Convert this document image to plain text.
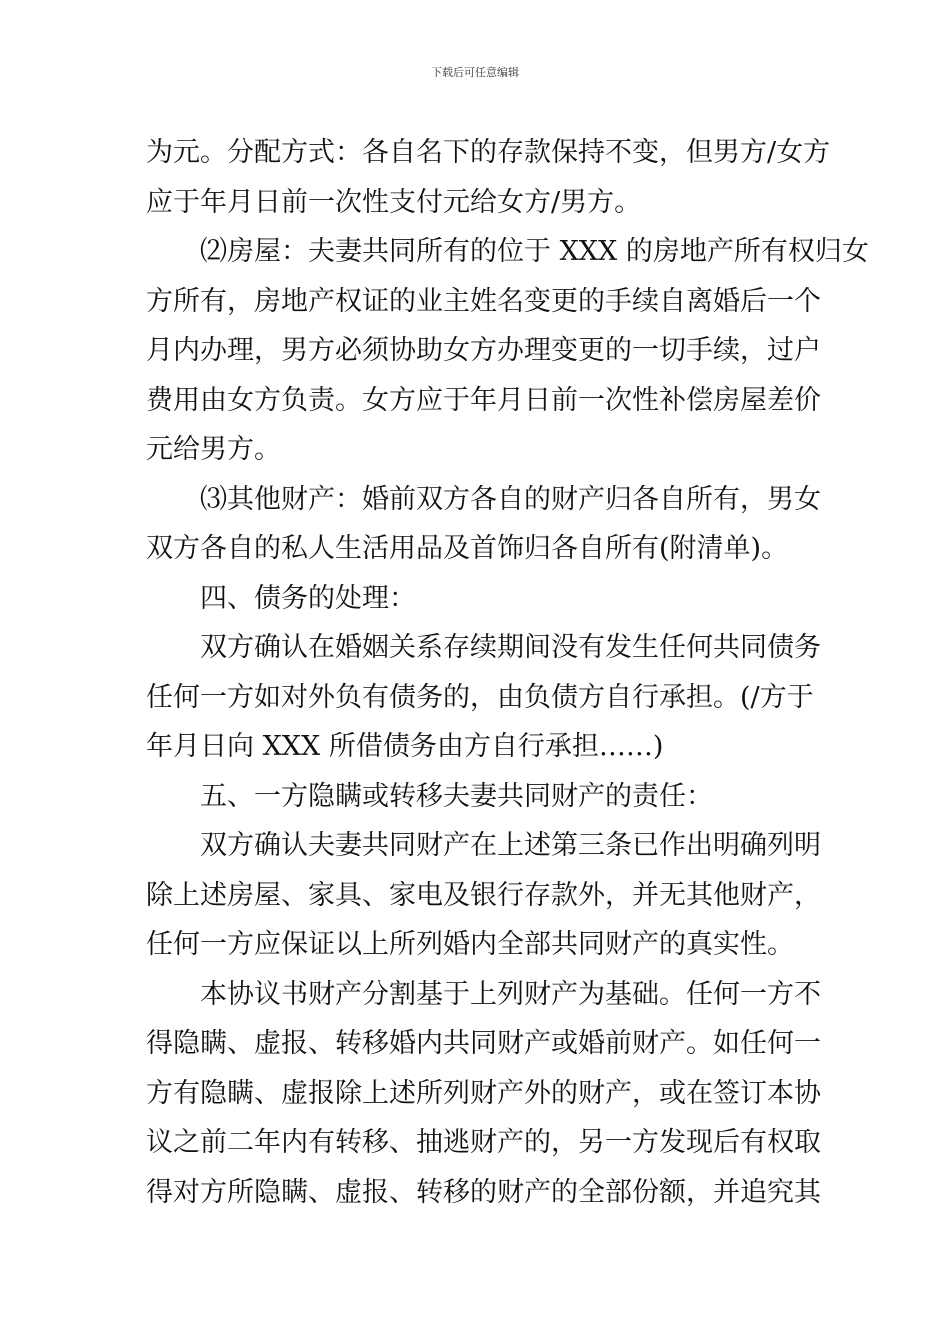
下载后可任意编辑
为元。分配方式：各自名下的存款保持不变，但男方/女方
应于年月日前一次性支付元给女方/男方。
⑵房屋：夫妻共同所有的位于 XXX 的房地产所有权归女
方所有，房地产权证的业主姓名变更的手续自离婚后一个
月内办理，男方必须协助女方办理变更的一切手续，过户
费用由女方负责。女方应于年月日前一次性补偿房屋差价
元给男方。
⑶其他财产：婚前双方各自的财产归各自所有，男女
双方各自的私人生活用品及首饰归各自所有(附清单)。
四、债务的处理：
双方确认在婚姻关系存续期间没有发生任何共同债务
任何一方如对外负有债务的，由负债方自行承担。(/方于
年月日向 XXX 所借债务由方自行承担……)
五、一方隐瞒或转移夫妻共同财产的责任：
双方确认夫妻共同财产在上述第三条已作出明确列明
除上述房屋、家具、家电及银行存款外，并无其他财产，
任何一方应保证以上所列婚内全部共同财产的真实性。
本协议书财产分割基于上列财产为基础。任何一方不
得隐瞒、虚报、转移婚内共同财产或婚前财产。如任何一
方有隐瞒、虚报除上述所列财产外的财产，或在签订本协
议之前二年内有转移、抽逃财产的，另一方发现后有权取
得对方所隐瞒、虚报、转移的财产的全部份额，并追究其
